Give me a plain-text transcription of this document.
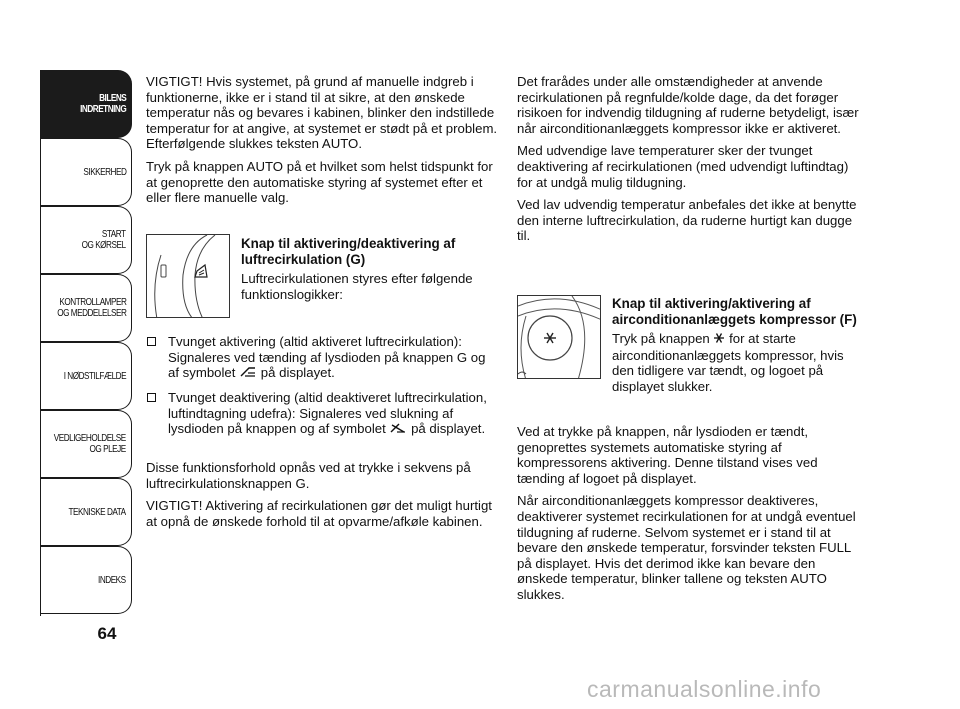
BILENS
INDRETNING
SIKKERHED
START
OG KØRSEL
KONTROLLAMPER
OG MEDDELELSER
I NØDSTILFÆLDE
VEDLIGEHOLDELSE
OG PLEJE
TEKNISKE DATA
INDEKS
64

VIGTIGT! Hvis systemet, på grund af manuelle indgreb i funktionerne, ikke er i stand til at sikre, at den ønskede temperatur nås og bevares i kabinen, blinker den indstillede temperatur for at angive, at systemet er stødt på et problem. Efterfølgende slukkes teksten AUTO.

Tryk på knappen AUTO på et hvilket som helst tidspunkt for at genoprette den automatiske styring af systemet efter et eller flere manuelle valg.

Knap til aktivering/deaktivering af luftrecirkulation (G)

Luftrecirkulationen styres efter følgende funktionslogikker:

Tvunget aktivering (altid aktiveret luftrecirkulation): Signaleres ved tænding af lysdioden på knappen G og af symbolet på displayet.
Tvunget deaktivering (altid deaktiveret luftrecirkulation, luftindtagning udefra): Signaleres ved slukning af lysdioden på knappen og af symbolet på displayet.

Disse funktionsforhold opnås ved at trykke i sekvens på luftrecirkulationsknappen G.

VIGTIGT! Aktivering af recirkulationen gør det muligt hurtigt at opnå de ønskede forhold til at opvarme/afkøle kabinen.

Det frarådes under alle omstændigheder at anvende recirkulationen på regnfulde/kolde dage, da det forøger risikoen for indvendig tildugning af ruderne betydeligt, især når airconditionanlæggets kompressor ikke er aktiveret.

Med udvendige lave temperaturer sker der tvunget deaktivering af recirkulationen (med udvendigt luftindtag) for at undgå mulig tildugning.

Ved lav udvendig temperatur anbefales det ikke at benytte den interne luftrecirkulation, da ruderne hurtigt kan dugge til.

Knap til aktivering/aktivering af airconditionanlæggets kompressor (F)

Tryk på knappen for at starte airconditionanlæggets kompressor, hvis den tidligere var tændt, og logoet på displayet slukker.

Ved at trykke på knappen, når lysdioden er tændt, genoprettes systemets automatiske styring af kompressorens aktivering. Denne tilstand vises ved tænding af logoet på displayet.

Når airconditionanlæggets kompressor deaktiveres, deaktiverer systemet recirkulationen for at undgå eventuel tildugning af ruderne. Selvom systemet er i stand til at bevare den ønskede temperatur, forsvinder teksten FULL på displayet. Hvis det derimod ikke kan bevare den ønskede temperatur, blinker tallene og teksten AUTO slukkes.

carmanualsonline.info
